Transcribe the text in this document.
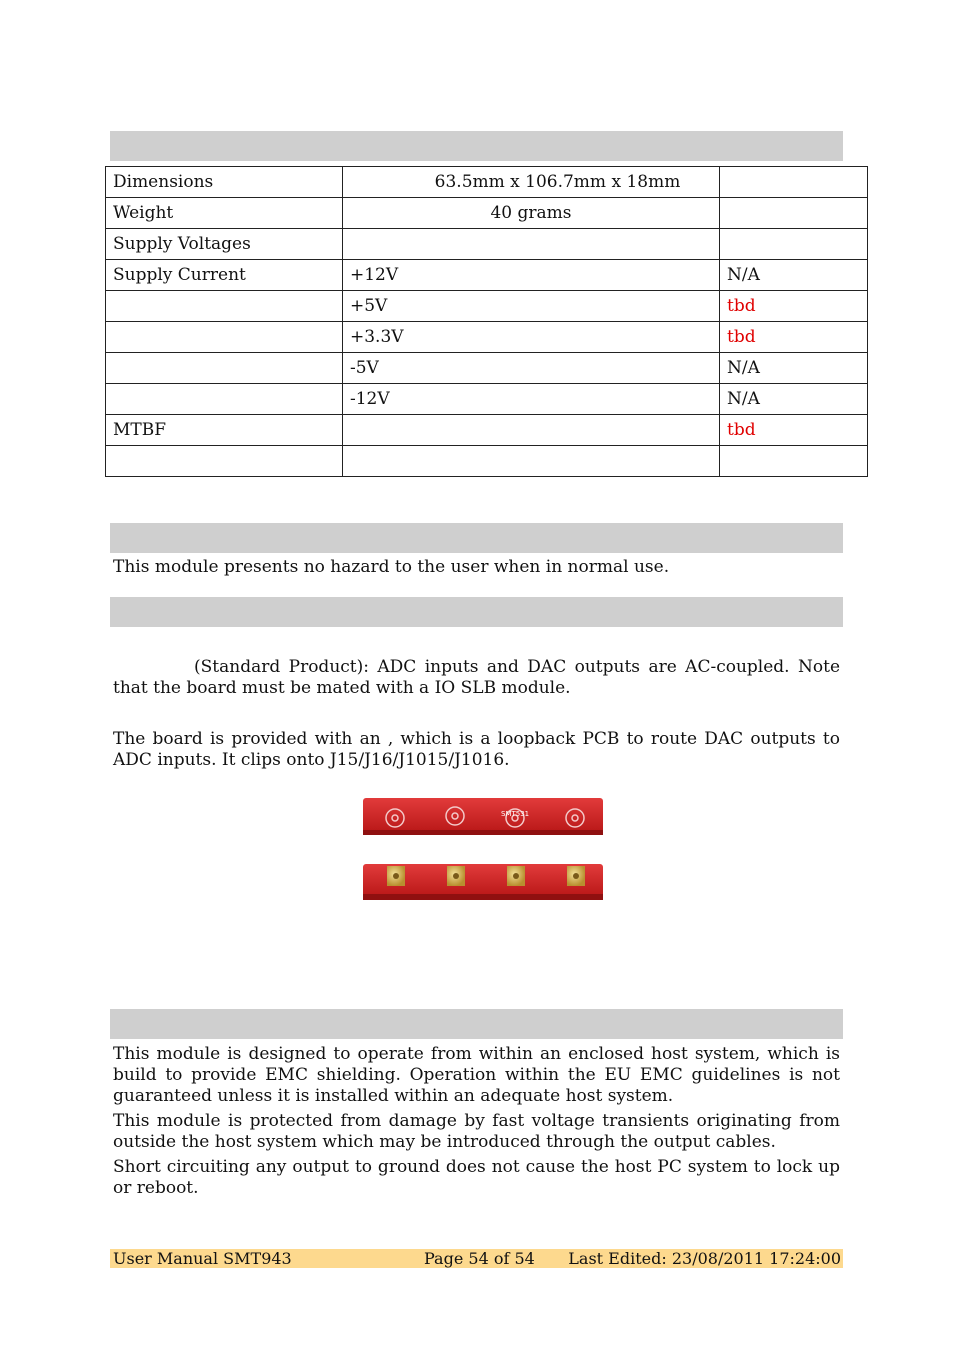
Dimensions	63.5mm x 106.7mm x 18mm	
Weight	40 grams	
Supply Voltages		
Supply Current	+12V	N/A
	+5V	tbd
	+3.3V	tbd
	-5V	N/A
	-12V	N/A
MTBF		tbd

This module presents no hazard to the user when in normal use.

(Standard Product): ADC inputs and DAC outputs are AC-coupled. Note that the board must be mated with a IO SLB module.

The board is provided with an , which is a loopback PCB to route DAC outputs to ADC inputs. It clips onto J15/J16/J1015/J1016.

SMT531

This module is designed to operate from within an enclosed host system, which is build to provide EMC shielding. Operation within the EU EMC guidelines is not guaranteed unless it is installed within an adequate host system.

This module is protected from damage by fast voltage transients originating from outside the host system which may be introduced through the output cables.

Short circuiting any output to ground does not cause the host PC system to lock up or reboot.

User Manual SMT943	Page 54 of 54 Last Edited: 23/08/2011 17:24:00
